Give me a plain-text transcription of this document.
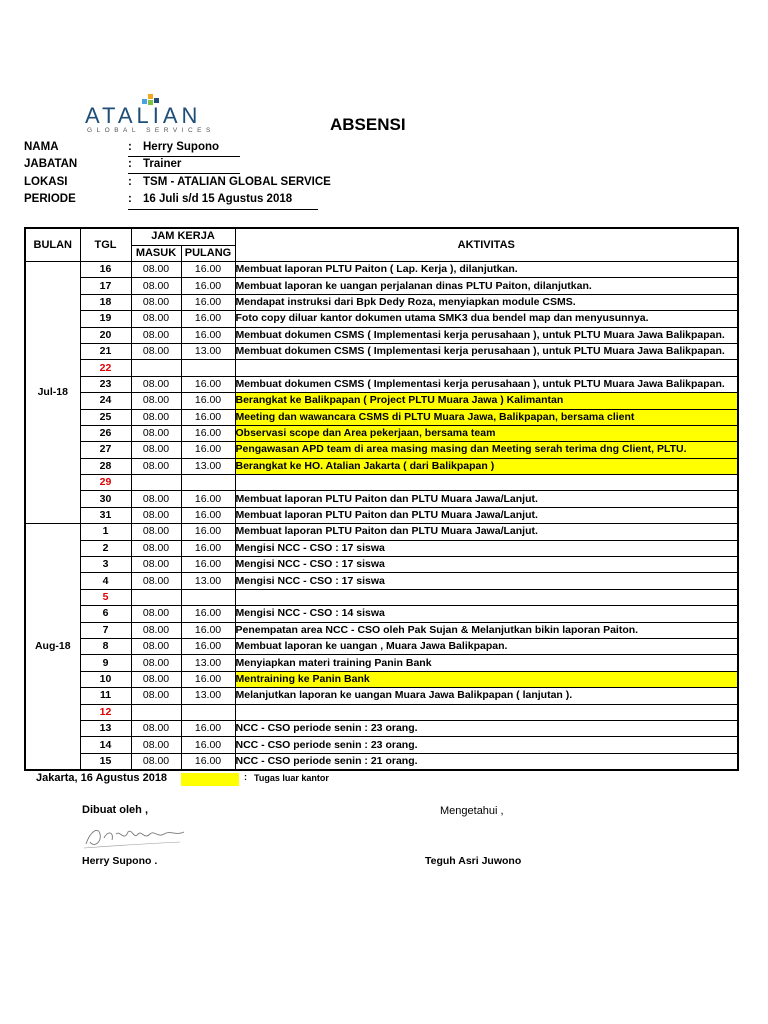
ATALIAN
GLOBAL SERVICES	ABSENSI
NAMA	: Herry Supono
JABATAN	: Trainer
LOKASI	: TSM - ATALIAN GLOBAL SERVICE
PERIODE	: 16 Juli s/d 15 Agustus 2018
BULAN	TGL	JAM KERJA		AKTIVITAS
		MASUK	PULANG	
Jul-18	16	08.00	16.00	Membuat laporan PLTU Paiton ( Lap. Kerja ), dilanjutkan.
	17	08.00	16.00	Membuat laporan ke uangan perjalanan dinas PLTU Paiton, dilanjutkan.
	18	08.00	16.00	Mendapat instruksi dari Bpk Dedy Roza, menyiapkan module CSMS.
	19	08.00	16.00	Foto copy diluar kantor dokumen utama SMK3 dua bendel map dan menyusunnya.
	20	08.00	16.00	Membuat dokumen CSMS ( Implementasi kerja perusahaan ), untuk PLTU Muara Jawa Balikpapan.
	21	08.00	13.00	Membuat dokumen CSMS ( Implementasi kerja perusahaan ), untuk PLTU Muara Jawa Balikpapan.
	22			
	23	08.00	16.00	Membuat dokumen CSMS ( Implementasi kerja perusahaan ), untuk PLTU Muara Jawa Balikpapan.
	24	08.00	16.00	Berangkat ke Balikpapan ( Project PLTU Muara Jawa ) Kalimantan
	25	08.00	16.00	Meeting dan wawancara CSMS di PLTU Muara Jawa, Balikpapan, bersama client
	26	08.00	16.00	Observasi scope dan Area pekerjaan, bersama team
	27	08.00	16.00	Pengawasan APD team di area masing masing dan Meeting serah terima dng Client, PLTU.
	28	08.00	13.00	Berangkat ke HO. Atalian Jakarta ( dari Balikpapan )
	29			
	30	08.00	16.00	Membuat laporan PLTU Paiton dan PLTU Muara Jawa/Lanjut.
	31	08.00	16.00	Membuat laporan PLTU Paiton dan PLTU Muara Jawa/Lanjut.
Aug-18	1	08.00	16.00	Membuat laporan PLTU Paiton dan PLTU Muara Jawa/Lanjut.
	2	08.00	16.00	Mengisi NCC - CSO : 17 siswa
	3	08.00	16.00	Mengisi NCC - CSO : 17 siswa
	4	08.00	13.00	Mengisi NCC - CSO : 17 siswa
	5			
	6	08.00	16.00	Mengisi NCC - CSO : 14 siswa
	7	08.00	16.00	Penempatan area NCC - CSO oleh Pak Sujan & Melanjutkan bikin laporan Paiton.
	8	08.00	16.00	Membuat laporan ke uangan , Muara Jawa Balikpapan.
	9	08.00	13.00	Menyiapkan materi training Panin Bank
	10	08.00	16.00	Mentraining ke Panin Bank
	11	08.00	13.00	Melanjutkan laporan ke uangan Muara Jawa Balikpapan ( lanjutan ).
	12			
	13	08.00	16.00	NCC - CSO periode senin : 23 orang.
	14	08.00	16.00	NCC - CSO periode senin : 23 orang.
	15	08.00	16.00	NCC - CSO periode senin : 21 orang.
Jakarta, 16 Agustus 2018	: Tugas luar kantor
Dibuat oleh ,	Mengetahui ,
Herry Supono .	Teguh Asri Juwono
